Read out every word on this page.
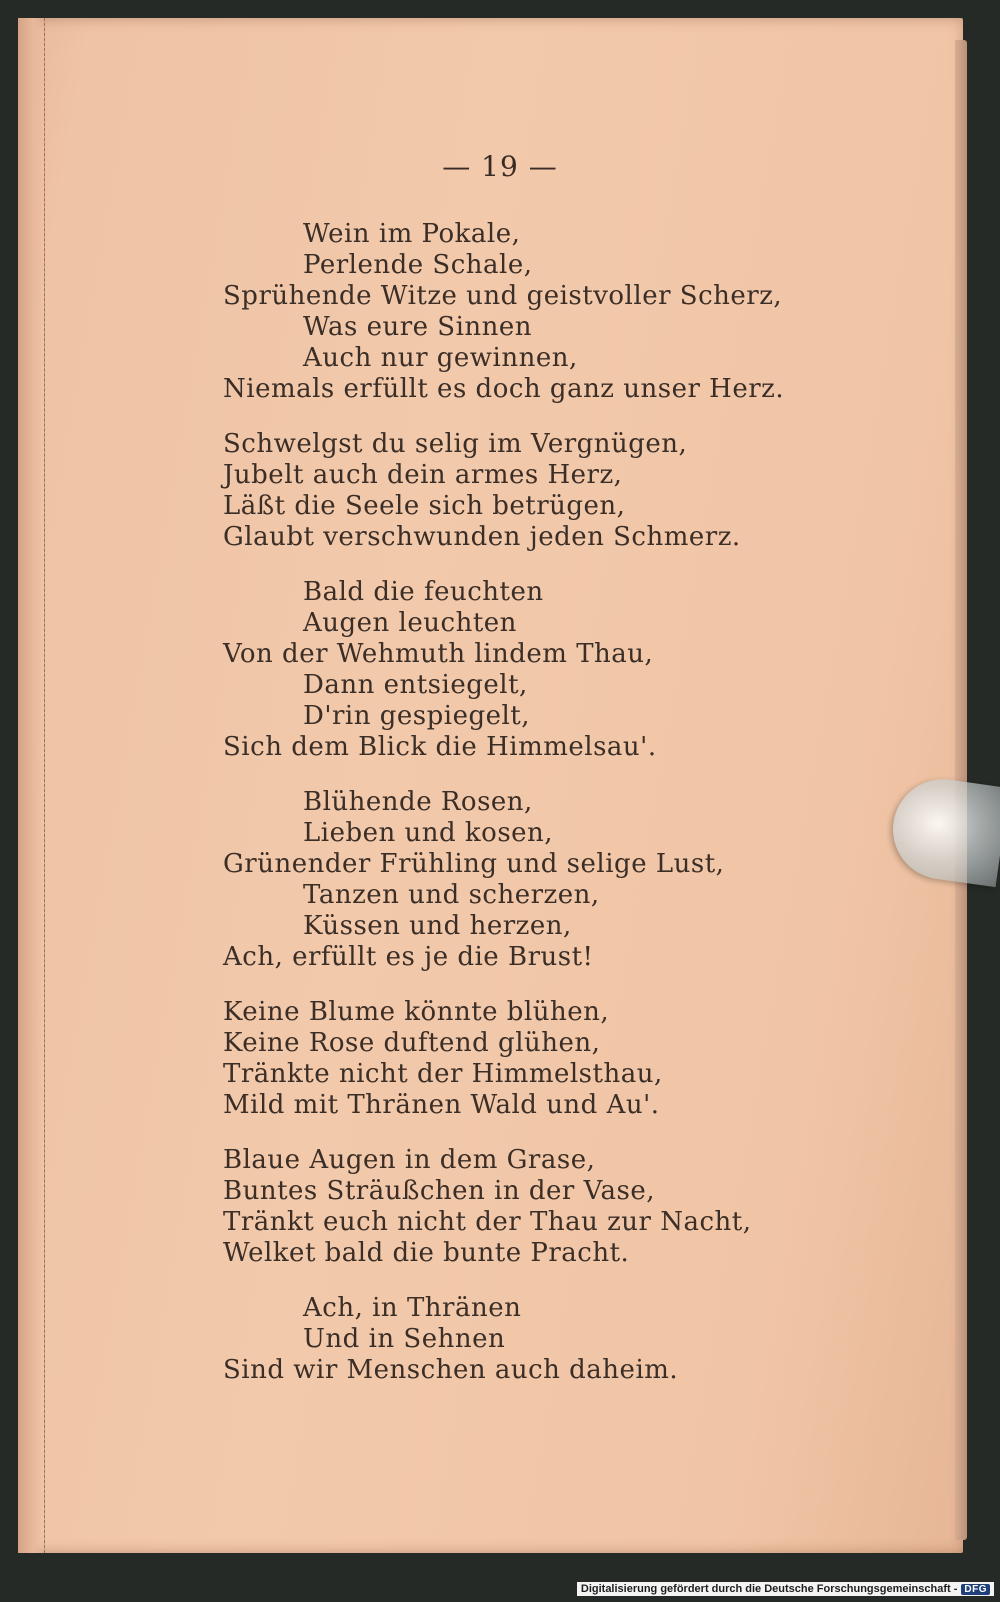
— 19 —
Wein im Pokale,
Perlende Schale,
Sprühende Witze und geistvoller Scherz,
Was eure Sinnen
Auch nur gewinnen,
Niemals erfüllt es doch ganz unser Herz.
Schwelgst du selig im Vergnügen,
Jubelt auch dein armes Herz,
Läßt die Seele sich betrügen,
Glaubt verschwunden jeden Schmerz.
Bald die feuchten
Augen leuchten
Von der Wehmuth lindem Thau,
Dann entsiegelt,
D'rin gespiegelt,
Sich dem Blick die Himmelsau'.
Blühende Rosen,
Lieben und kosen,
Grünender Frühling und selige Lust,
Tanzen und scherzen,
Küssen und herzen,
Ach, erfüllt es je die Brust!
Keine Blume könnte blühen,
Keine Rose duftend glühen,
Tränkte nicht der Himmelsthau,
Mild mit Thränen Wald und Au'.
Blaue Augen in dem Grase,
Buntes Sträußchen in der Vase,
Tränkt euch nicht der Thau zur Nacht,
Welket bald die bunte Pracht.
Ach, in Thränen
Und in Sehnen
Sind wir Menschen auch daheim.
Digitalisierung gefördert durch die Deutsche Forschungsgemeinschaft - DFG
